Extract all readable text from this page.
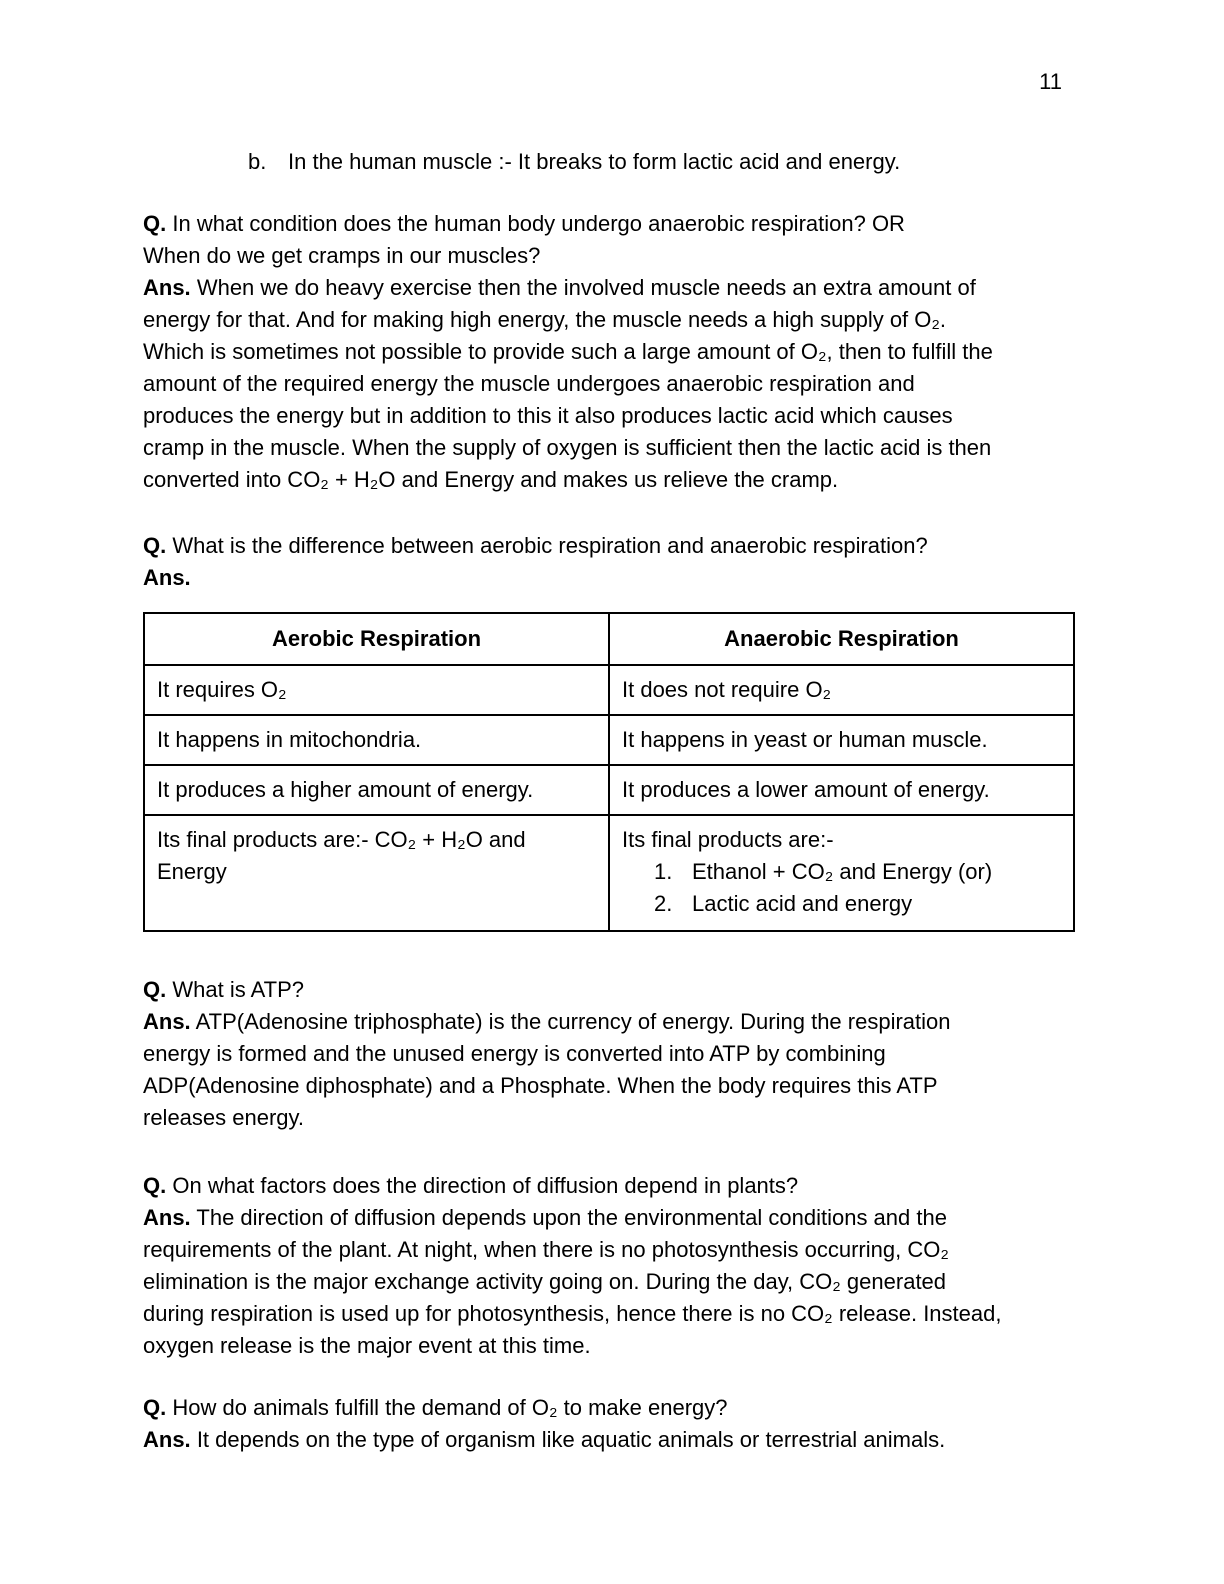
11
b. In the human muscle :- It breaks to form lactic acid and energy.

Q. In what condition does the human body undergo anaerobic respiration? OR

When do we get cramps in our muscles?

Ans. When we do heavy exercise then the involved muscle needs an extra amount of

energy for that. And for making high energy, the muscle needs a high supply of O₂.

Which is sometimes not possible to provide such a large amount of O₂, then to fulfill the

amount of the required energy the muscle undergoes anaerobic respiration and

produces the energy but in addition to this it also produces lactic acid which causes

cramp in the muscle. When the supply of oxygen is sufficient then the lactic acid is then

converted into CO₂ + H₂O and Energy and makes us relieve the cramp.

Q. What is the difference between aerobic respiration and anaerobic respiration?

Ans.

Aerobic Respiration	Anaerobic Respiration
It requires O₂	It does not require O₂
It happens in mitochondria.	It happens in yeast or human muscle.
It produces a higher amount of energy.	It produces a lower amount of energy.
Its final products are:- CO₂ + H₂O and Energy	Its final products are:-
1. Ethanol + CO₂ and Energy (or)
2. Lactic acid and energy

Q. What is ATP?

Ans. ATP(Adenosine triphosphate) is the currency of energy. During the respiration

energy is formed and the unused energy is converted into ATP by combining

ADP(Adenosine diphosphate) and a Phosphate. When the body requires this ATP

releases energy.

Q. On what factors does the direction of diffusion depend in plants?

Ans. The direction of diffusion depends upon the environmental conditions and the

requirements of the plant. At night, when there is no photosynthesis occurring, CO₂

elimination is the major exchange activity going on. During the day, CO₂ generated

during respiration is used up for photosynthesis, hence there is no CO₂ release. Instead,

oxygen release is the major event at this time.

Q. How do animals fulfill the demand of O₂ to make energy?

Ans. It depends on the type of organism like aquatic animals or terrestrial animals.
